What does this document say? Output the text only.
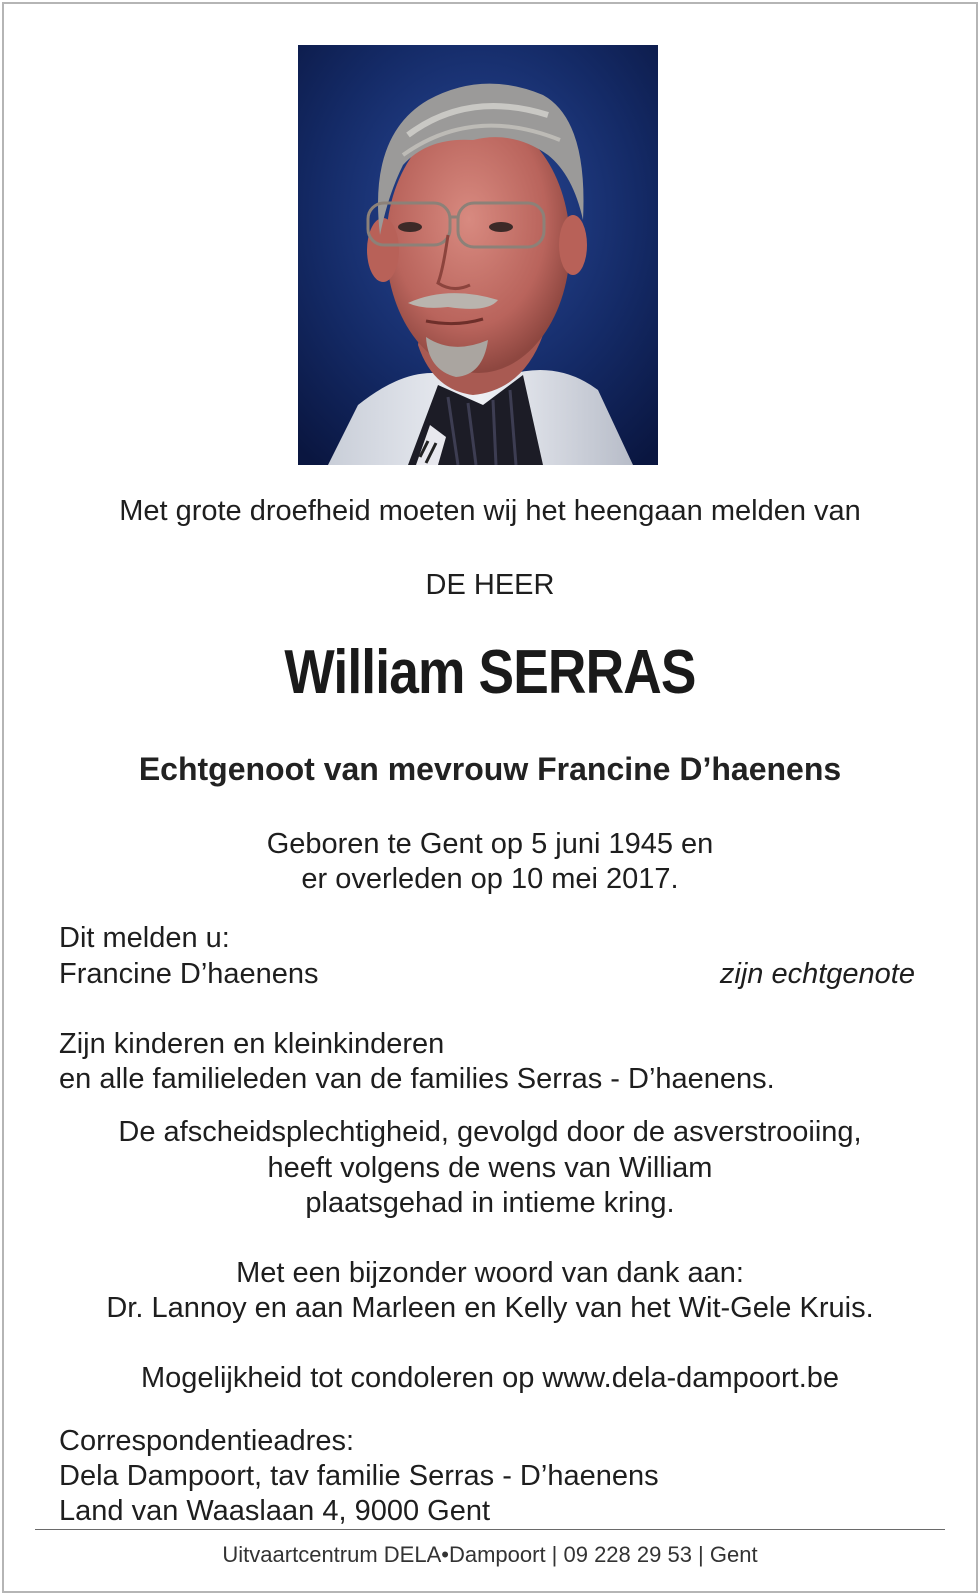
Met grote droefheid moeten wij het heengaan melden van
DE HEER
William SERRAS
Echtgenoot van mevrouw Francine D’haenens
Geboren te Gent op 5 juni 1945 en
er overleden op 10 mei 2017.
Dit melden u:
Francine D’haenens	zijn echtgenote
Zijn kinderen en kleinkinderen
en alle familieleden van de families Serras - D’haenens.
De afscheidsplechtigheid, gevolgd door de asverstrooiing,
heeft volgens de wens van William
plaatsgehad in intieme kring.
Met een bijzonder woord van dank aan:
Dr. Lannoy en aan Marleen en Kelly van het Wit-Gele Kruis.
Mogelijkheid tot condoleren op www.dela-dampoort.be
Correspondentieadres:
Dela Dampoort, tav familie Serras - D’haenens
Land van Waaslaan 4, 9000 Gent
Uitvaartcentrum DELA•Dampoort | 09 228 29 53 | Gent
